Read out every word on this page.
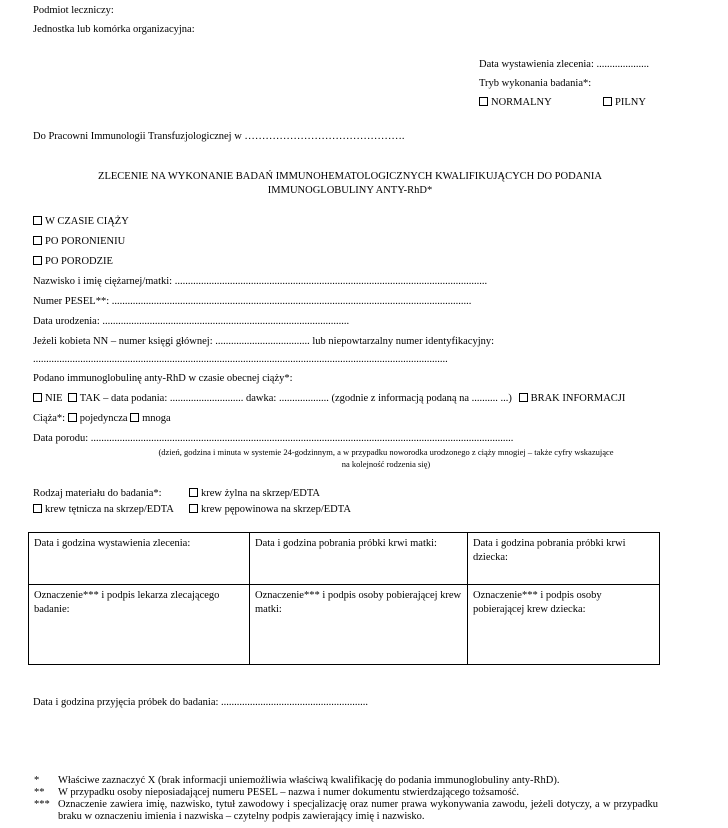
Podmiot leczniczy:
Jednostka lub komórka organizacyjna:
Data wystawienia zlecenia: ....................
Tryb wykonania badania*:
NORMALNY	PILNY
Do Pracowni Immunologii Transfuzjologicznej w ……………………………………….
ZLECENIE NA WYKONANIE BADAŃ IMMUNOHEMATOLOGICZNYCH KWALIFIKUJĄCYCH DO PODANIA
IMMUNOGLOBULINY ANTY-RhD*
W CZASIE CIĄŻY
PO PORONIENIU
PO PORODZIE
Nazwisko i imię ciężarnej/matki: .......................................................................................................................
Numer PESEL**: .........................................................................................................................................
Data urodzenia: ..............................................................................................
Jeżeli kobieta NN – numer księgi głównej: .................................... lub niepowtarzalny numer identyfikacyjny:
..............................................................................................................................................................
Podano immunoglobulinę anty-RhD w czasie obecnej ciąży*:
NIE TAK – data podania: ............................ dawka: ................... (zgodnie z informacją podaną na .......... ...) BRAK INFORMACJI
Ciąża*: pojedyncza mnoga
Data porodu: .................................................................................................................................................................
(dzień, godzina i minuta w systemie 24-godzinnym, a w przypadku noworodka urodzonego z ciąży mnogiej – także cyfry wskazujące
na kolejność rodzenia się)
Rodzaj materiału do badania*:	krew żylna na skrzep/EDTA
krew tętnicza na skrzep/EDTA	krew pępowinowa na skrzep/EDTA
Data i godzina wystawienia zlecenia:	Data i godzina pobrania próbki krwi matki:	Data i godzina pobrania próbki krwi dziecka:
Oznaczenie*** i podpis lekarza zlecającego badanie:	Oznaczenie*** i podpis osoby pobierającej krew matki:	Oznaczenie*** i podpis osoby pobierającej krew dziecka:
Data i godzina przyjęcia próbek do badania: ........................................................
* Właściwe zaznaczyć X (brak informacji uniemożliwia właściwą kwalifikację do podania immunoglobuliny anty-RhD).
** W przypadku osoby nieposiadającej numeru PESEL – nazwa i numer dokumentu stwierdzającego tożsamość.
*** Oznaczenie zawiera imię, nazwisko, tytuł zawodowy i specjalizację oraz numer prawa wykonywania zawodu, jeżeli dotyczy, a w przypadku braku w oznaczeniu imienia i nazwiska – czytelny podpis zawierający imię i nazwisko.
